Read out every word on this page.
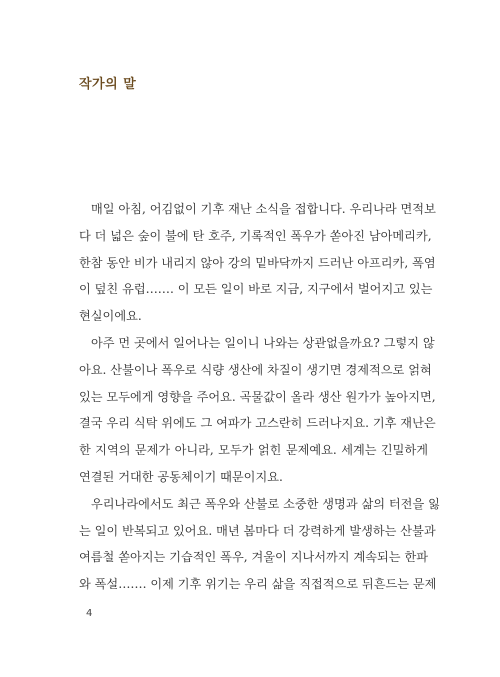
작가의 말

매일 아침, 어김없이 기후 재난 소식을 접합니다. 우리나라 면적보
다 더 넓은 숲이 불에 탄 호주, 기록적인 폭우가 쏟아진 남아메리카,
한참 동안 비가 내리지 않아 강의 밑바닥까지 드러난 아프리카, 폭염
이 덮친 유럽……. 이 모든 일이 바로 지금, 지구에서 벌어지고 있는
현실이에요.

아주 먼 곳에서 일어나는 일이니 나와는 상관없을까요? 그렇지 않
아요. 산불이나 폭우로 식량 생산에 차질이 생기면 경제적으로 얽혀
있는 모두에게 영향을 주어요. 곡물값이 올라 생산 원가가 높아지면,
결국 우리 식탁 위에도 그 여파가 고스란히 드러나지요. 기후 재난은
한 지역의 문제가 아니라, 모두가 얽힌 문제예요. 세계는 긴밀하게
연결된 거대한 공동체이기 때문이지요.

우리나라에서도 최근 폭우와 산불로 소중한 생명과 삶의 터전을 잃
는 일이 반복되고 있어요. 매년 봄마다 더 강력하게 발생하는 산불과
여름철 쏟아지는 기습적인 폭우, 겨울이 지나서까지 계속되는 한파
와 폭설……. 이제 기후 위기는 우리 삶을 직접적으로 뒤흔드는 문제

4
